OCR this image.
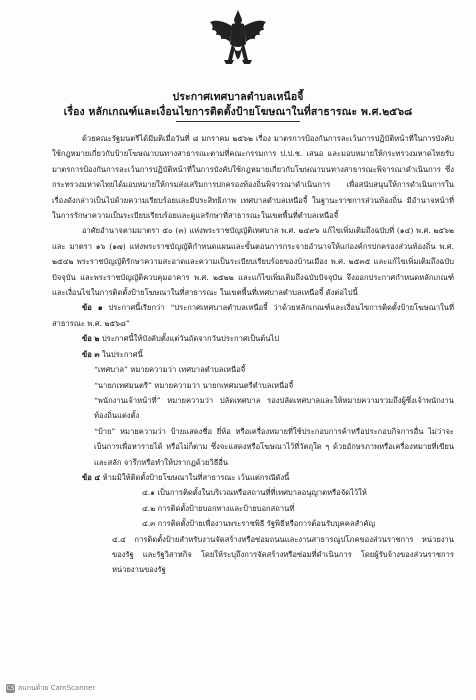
ประกาศเทศบาลตำบลเหนือจี้
เรื่อง หลักเกณฑ์และเงื่อนไขการติดตั้งป้ายโฆษณาในที่สาธารณะ พ.ศ.๒๕๖๘

ด้วยคณะรัฐมนตรีได้มีมติเมื่อวันที่ ๘ มกราคม ๒๕๖๒ เรื่อง มาตรการป้องกันการละเว้นการปฏิบัติหน้าที่ในการบังคับใช้กฎหมายเกี่ยวกับป้ายโฆษณาบนทางสาธารณะตามที่คณะกรรมการ ป.ป.ช. เสนอ และมอบหมายให้กระทรวงมหาดไทยรับมาตรการป้องกันการละเว้นการปฏิบัติหน้าที่ในการบังคับใช้กฎหมายเกี่ยวกับโฆษณาบนทางสาธารณะพิจารณาดำเนินการ ซึ่งกระทรวงมหาดไทยได้มอบหมายให้กรมส่งเสริมการปกครองท้องถิ่นพิจารณาดำเนินการ เพื่อสนับสนุนให้การดำเนินการในเรื่องดังกล่าวเป็นไปด้วยความเรียบร้อยและมีประสิทธิภาพ เทศบาลตำบลเหนือจี้ ในฐานะราชการส่วนท้องถิ่น มีอำนาจหน้าที่ในการรักษาความเป็นระเบียบเรียบร้อยและดูแลรักษาที่สาธารณะในเขตพื้นที่ตำบลเหนือจี้

อาศัยอำนาจตามมาตรา ๕๐ (๓) แห่งพระราชบัญญัติเทศบาล พ.ศ. ๒๔๙๖ แก้ไขเพิ่มเติมถึงฉบับที่ (๑๔) พ.ศ. ๒๕๖๒ และ มาตรา ๑๖ (๑๗) แห่งพระราชบัญญัติกำหนดแผนและขั้นตอนการกระจายอำนาจให้แก่องค์กรปกครองส่วนท้องถิ่น พ.ศ. ๒๕๔๒ พระราชบัญญัติรักษาความสะอาดและความเป็นระเบียบเรียบร้อยของบ้านเมือง พ.ศ. ๒๕๓๕ และแก้ไขเพิ่มเติมถึงฉบับปัจจุบัน และพระราชบัญญัติควบคุมอาคาร พ.ศ. ๒๕๒๒ และแก้ไขเพิ่มเติมถึงฉบับปัจจุบัน จึงออกประกาศกำหนดหลักเกณฑ์และเงื่อนไขในการติดตั้งป้ายโฆษณาในที่สาธารณะ ในเขตพื้นที่เทศบาลตำบลเหนือจี้ ดังต่อไปนี้

ข้อ ๑ ประกาศนี้เรียกว่า “ประกาศเทศบาลตำบลเหนือจี้ ว่าด้วยหลักเกณฑ์และเงื่อนไขการติดตั้งป้ายโฆษณาในที่สาธารณะ พ.ศ. ๒๕๖๘”

ข้อ ๒ ประกาศนี้ให้บังคับตั้งแต่วันถัดจากวันประกาศเป็นต้นไป

ข้อ ๓ ในประกาศนี้

“เทศบาล” หมายความว่า เทศบาลตำบลเหนือจี้

“นายกเทศมนตรี” หมายความว่า นายกเทศมนตรีตำบลเหนือจี้

“พนักงานเจ้าหน้าที่” หมายความว่า ปลัดเทศบาล รองปลัดเทศบาลและให้หมายความรวมถึงผู้ซึ่งเจ้าพนักงานท้องถิ่นแต่งตั้ง

“ป้าย” หมายความว่า ป้ายแสดงชื่อ ยี่ห้อ หรือเครื่องหมายที่ใช้ประกอบการค้าหรือประกอบกิจการอื่น ไม่ว่าจะเป็นการเพื่อหารายได้ หรือไม่ก็ตาม ซึ่งจะแสดงหรือโฆษณาไว้ที่วัตถุใด ๆ ด้วยอักษรภาพหรือเครื่องหมายที่เขียน และสลัก จารึกหรือทำให้ปรากฏด้วยวิธีอื่น

ข้อ ๔ ห้ามมิให้ติดตั้งป้ายโฆษณาในที่สาธารณะ เว้นแต่กรณีดังนี้

๔.๑ เป็นการติดตั้งในบริเวณหรือสถานที่ที่เทศบาลอนุญาตหรือจัดไว้ให้

๔.๒ การติดตั้งป้ายบอกทางและป้ายบอกสถานที่

๔.๓ การติดตั้งป้ายเพื่องานพระราชพิธี รัฐพิธีหรือการต้อนรับบุคคลสำคัญ

๔.๔ การติดตั้งป้ายสำหรับงานจัดสร้างหรือซ่อมถนนและงานสาธารณูปโภคของส่วนราชการ หน่วยงานของรัฐ และรัฐวิสาหกิจ โดยให้ระบุถึงการจัดสร้างหรือซ่อมที่ดำเนินการ โดยผู้รับจ้างของส่วนราชการ หน่วยงานของรัฐ

CS สแกนด้วย CamScanner
